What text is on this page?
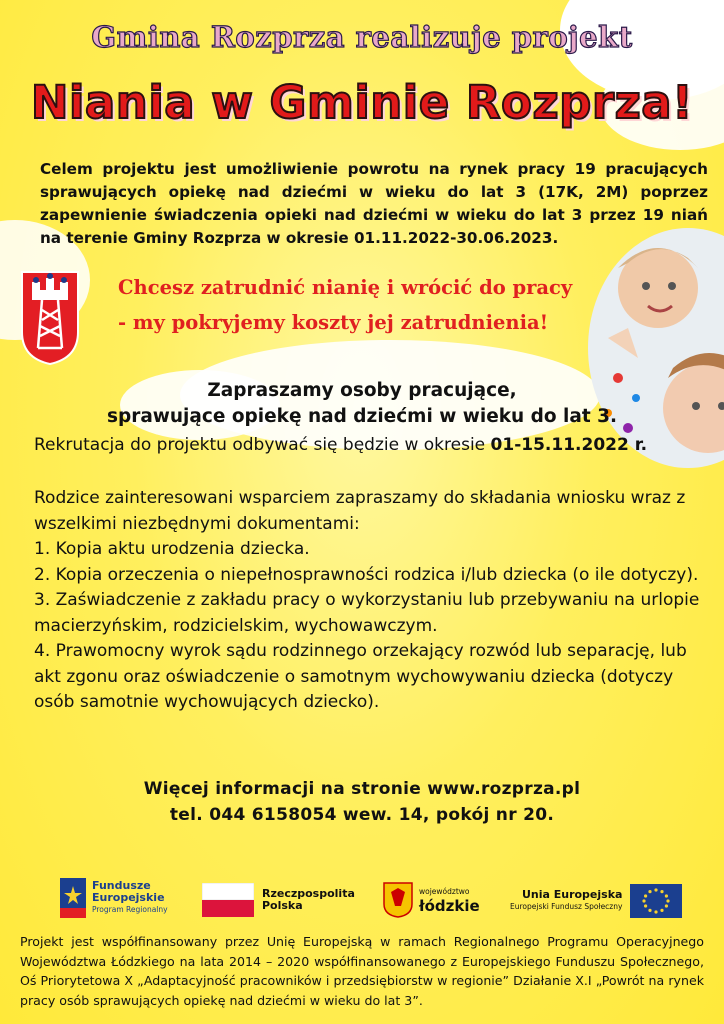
Gmina Rozprza realizuje projekt
Niania w Gminie Rozprza!
Celem projektu jest umożliwienie powrotu na rynek pracy 19 pracujących sprawujących opiekę nad dziećmi w wieku do lat 3 (17K, 2M) poprzez zapewnienie świadczenia opieki nad dziećmi w wieku do lat 3 przez 19 niań na terenie Gminy Rozprza w okresie 01.11.2022-30.06.2023.
Chcesz zatrudnić nianię i wrócić do pracy
- my pokryjemy koszty jej zatrudnienia!
Zapraszamy osoby pracujące,
sprawujące opiekę nad dziećmi w wieku do lat 3.
Rekrutacja do projektu odbywać się będzie w okresie 01-15.11.2022 r.

Rodzice zainteresowani wsparciem zapraszamy do składania wniosku wraz z wszelkimi niezbędnymi dokumentami:

1. Kopia aktu urodzenia dziecka.

2. Kopia orzeczenia o niepełnosprawności rodzica i/lub dziecka (o ile dotyczy).

3. Zaświadczenie z zakładu pracy o wykorzystaniu lub przebywaniu na urlopie macierzyńskim, rodzicielskim, wychowawczym.

4. Prawomocny wyrok sądu rodzinnego orzekający rozwód lub separację, lub akt zgonu oraz oświadczenie o samotnym wychowywaniu dziecka (dotyczy osób samotnie wychowujących dziecko).

Więcej informacji na stronie www.rozprza.pl
tel. 044 6158054 wew. 14, pokój nr 20.
Fundusze
Europejskie
Program Regionalny
Rzeczpospolita
Polska
województwo
łódzkie
Unia Europejska
Europejski Fundusz Społeczny
Projekt jest współfinansowany przez Unię Europejską w ramach Regionalnego Programu Operacyjnego Województwa Łódzkiego na lata 2014 – 2020 współfinansowanego z Europejskiego Funduszu Społecznego, Oś Priorytetowa X „Adaptacyjność pracowników i przedsiębiorstw w regionie” Działanie X.I „Powrót na rynek pracy osób sprawujących opiekę nad dziećmi w wieku do lat 3”.
